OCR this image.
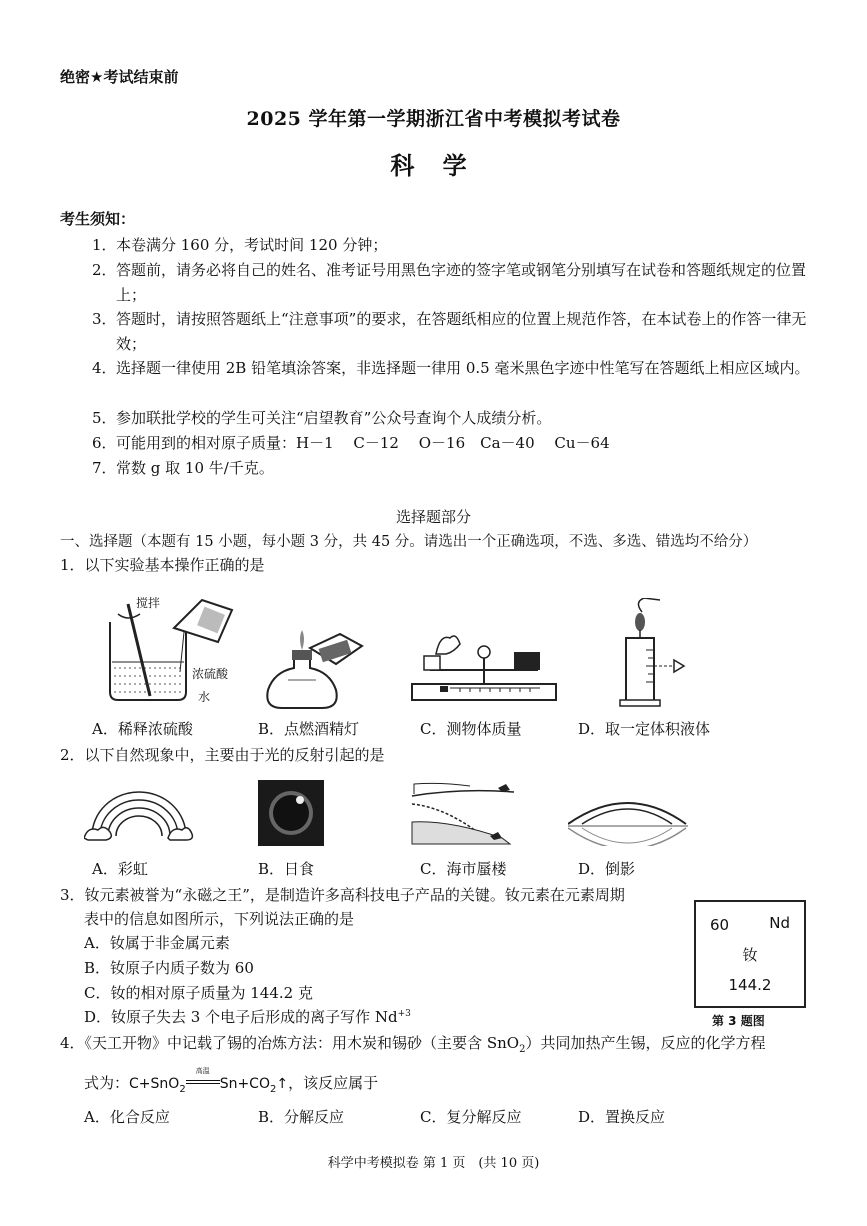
绝密★考试结束前
2025 学年第一学期浙江省中考模拟考试卷
科 学
考生须知：
1． 本卷满分 160 分，考试时间 120 分钟；
2． 答题前，请务必将自己的姓名、准考证号用黑色字迹的签字笔或钢笔分别填写在试卷和答题纸规定的位置上；
3． 答题时，请按照答题纸上“注意事项”的要求，在答题纸相应的位置上规范作答，在本试卷上的作答一律无效；
4． 选择题一律使用 2B 铅笔填涂答案，非选择题一律用 0.5 毫米黑色字迹中性笔写在答题纸上相应区域内。
5． 参加联批学校的学生可关注“启望教育”公众号查询个人成绩分析。
6． 可能用到的相对原子质量：H－1　 C－12　 O－16　Ca－40　 Cu－64
7． 常数 g 取 10 牛/千克。
选择题部分
一、选择题（本题有 15 小题，每小题 3 分，共 45 分。请选出一个正确选项，不选、多选、错选均不给分）
1．以下实验基本操作正确的是
搅拌
浓硫酸
水
A．稀释浓硫酸	B．点燃酒精灯	C．测物体质量	D．取一定体积液体
2．以下自然现象中，主要由于光的反射引起的是
A．彩虹	B．日食	C．海市蜃楼	D．倒影
3．钕元素被誉为“永磁之王”，是制造许多高科技电子产品的关键。钕元素在元素周期
表中的信息如图所示，下列说法正确的是
A．钕属于非金属元素
B．钕原子内质子数为 60
C．钕的相对原子质量为 144.2 克
D．钕原子失去 3 个电子后形成的离子写作 $Nd^{+3}$
60	Nd
钕
144.2
第 3 题图
4．《天工开物》中记载了锡的冶炼方法：用木炭和锡砂（主要含 SnO$_2$）共同加热产生锡，反应的化学方程
式为：C+SnO$_2$
高温
$Sn+CO_2↑$，该反应属于
A．化合反应	B．分解反应	C．复分解反应	D．置换反应
科学中考模拟卷 第 1 页　(共 10 页)
